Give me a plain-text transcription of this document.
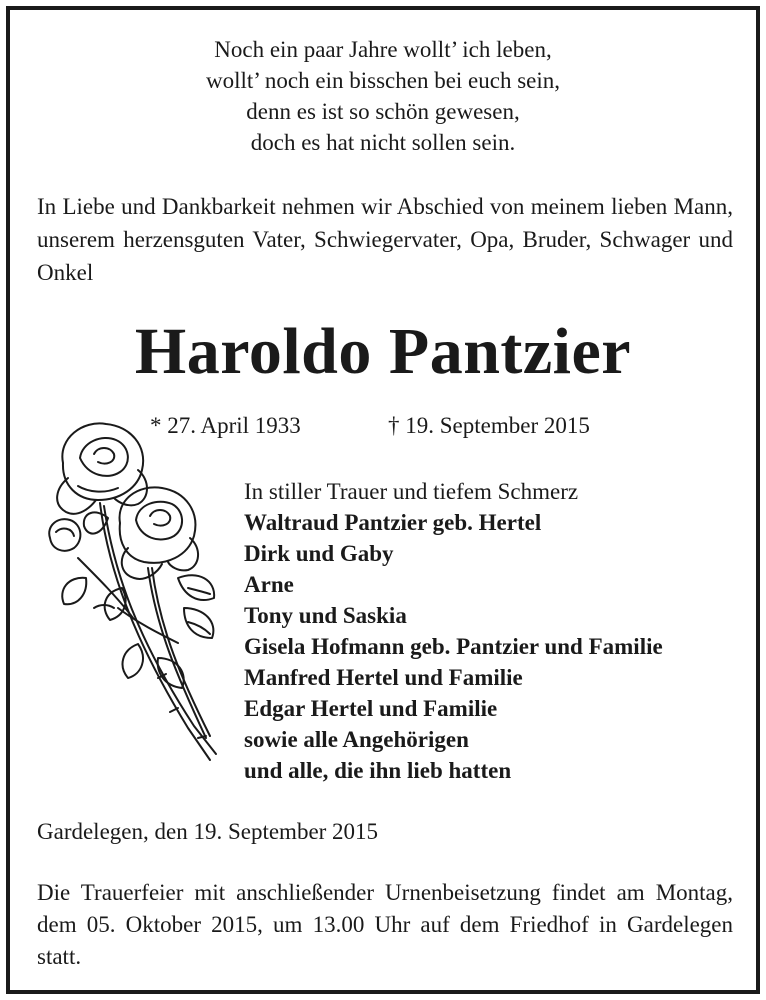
Noch ein paar Jahre wollt’ ich leben,
wollt’ noch ein bisschen bei euch sein,
denn es ist so schön gewesen,
doch es hat nicht sollen sein.
In Liebe und Dankbarkeit nehmen wir Abschied von meinem lieben Mann, unserem herzensguten Vater, Schwiegervater, Opa, Bruder, Schwager und Onkel
Haroldo Pantzier
* 27. April 1933	† 19. September 2015
In stiller Trauer und tiefem Schmerz
Waltraud Pantzier geb. Hertel
Dirk und Gaby
Arne
Tony und Saskia
Gisela Hofmann geb. Pantzier und Familie
Manfred Hertel und Familie
Edgar Hertel und Familie
sowie alle Angehörigen
und alle, die ihn lieb hatten
Gardelegen, den 19. September 2015
Die Trauerfeier mit anschließender Urnenbeisetzung findet am Montag, dem 05. Oktober 2015, um 13.00 Uhr auf dem Friedhof in Gardelegen statt.
